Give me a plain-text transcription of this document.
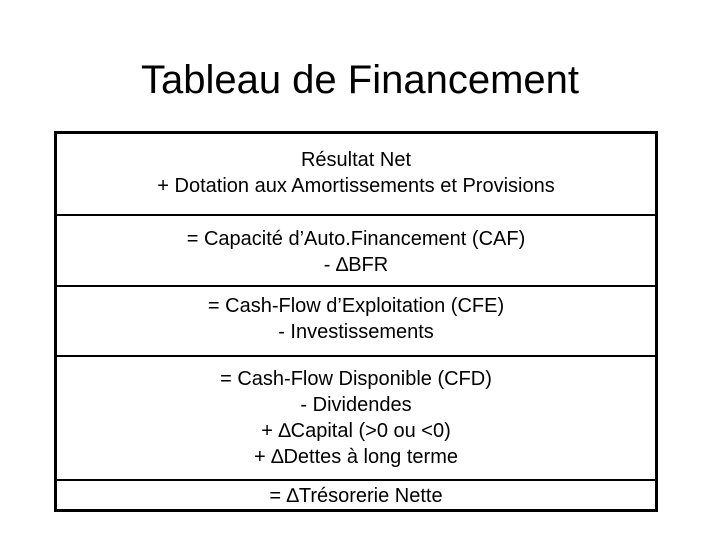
Tableau de Financement
Résultat Net
+ Dotation aux Amortissements et Provisions
= Capacité d’Auto.Financement (CAF)
- ∆BFR
= Cash-Flow d’Exploitation (CFE)
- Investissements
= Cash-Flow Disponible (CFD)
- Dividendes
+ ∆Capital (>0 ou <0)
+ ∆Dettes à long terme
= ∆Trésorerie Nette
